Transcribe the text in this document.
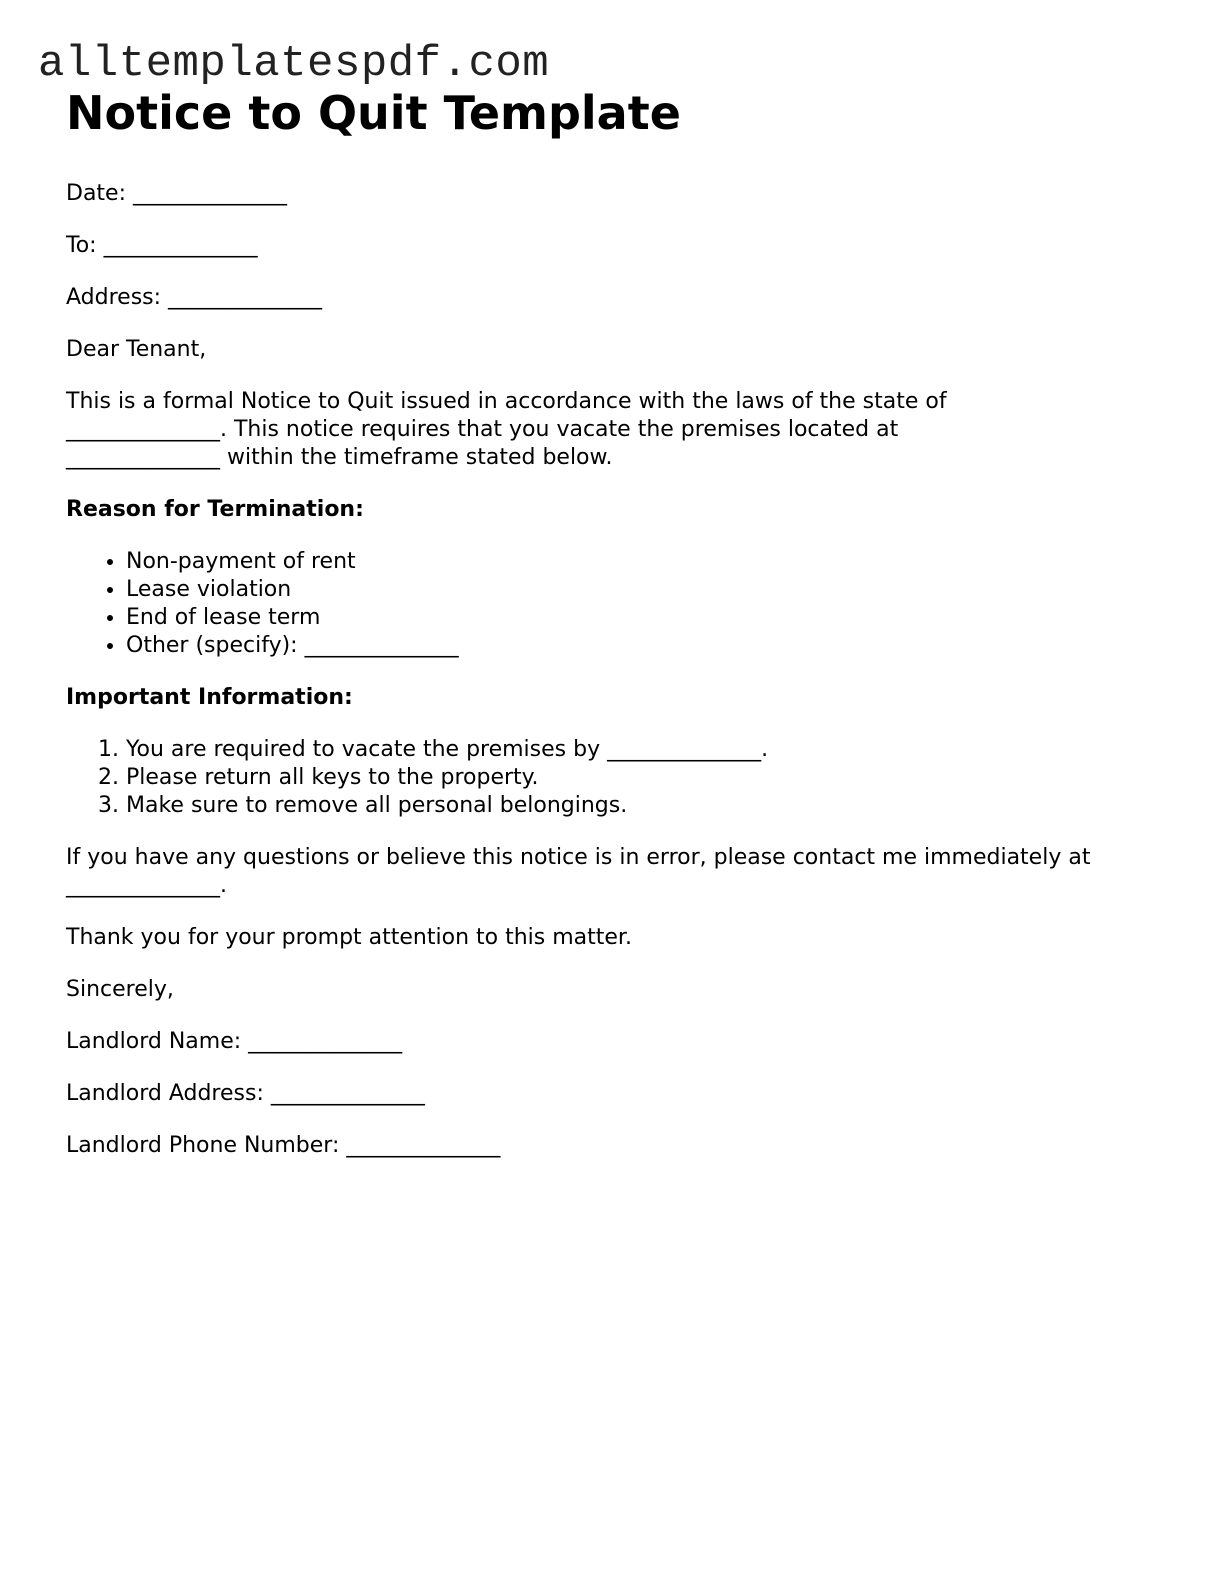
alltemplatespdf.com

Notice to Quit Template

Date: ______________

To: ______________

Address: ______________

Dear Tenant,

This is a formal Notice to Quit issued in accordance with the laws of the state of
______________. This notice requires that you vacate the premises located at
______________ within the timeframe stated below.

Reason for Termination:
• Non-payment of rent
• Lease violation
• End of lease term
• Other (specify): ______________
Important Information:
1. You are required to vacate the premises by ______________.
2. Please return all keys to the property.
3. Make sure to remove all personal belongings.

If you have any questions or believe this notice is in error, please contact me immediately at ______________.

Thank you for your prompt attention to this matter.

Sincerely,

Landlord Name: ______________

Landlord Address: ______________

Landlord Phone Number: ______________
